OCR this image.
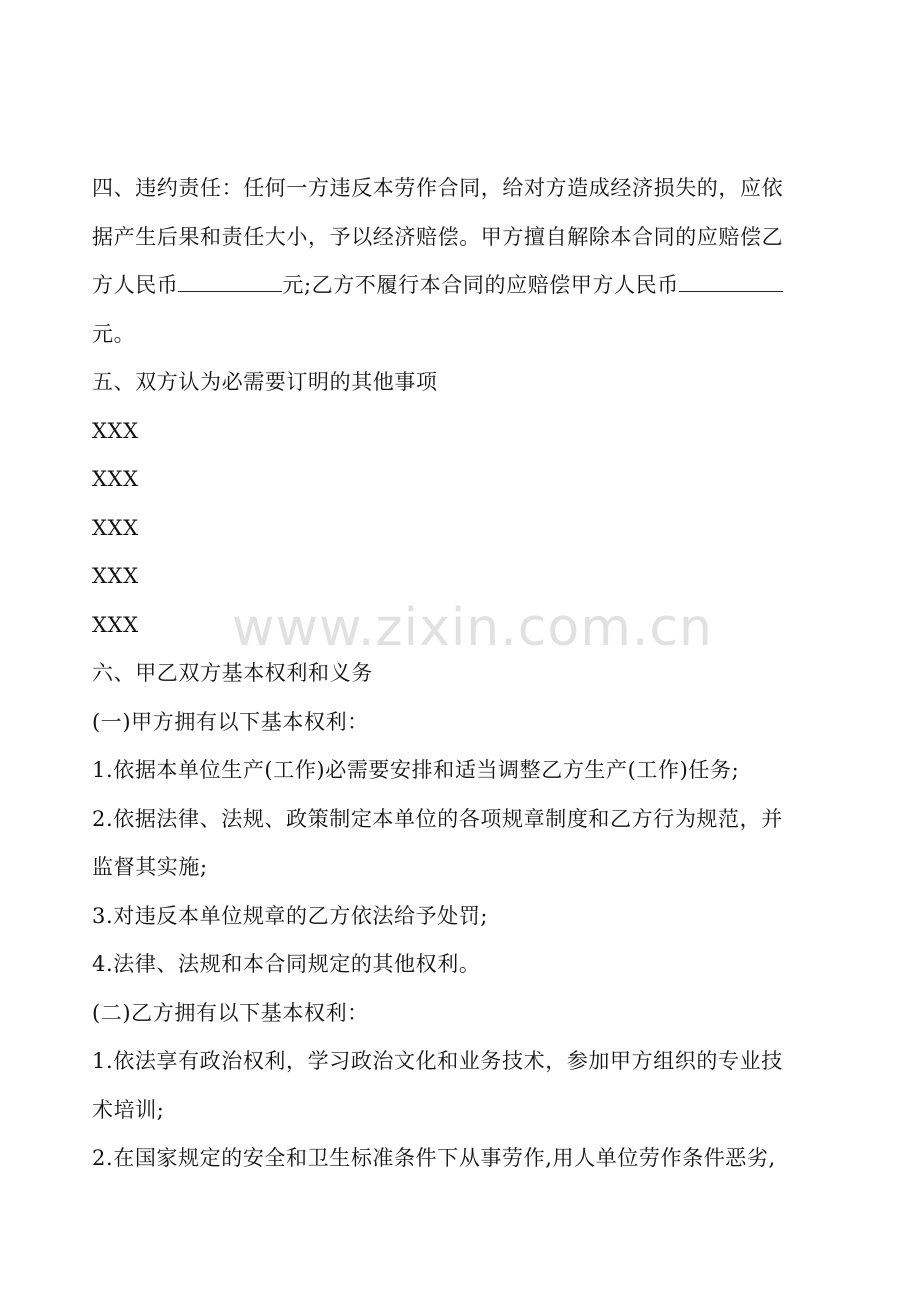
四、违约责任：任何一方违反本劳作合同，给对方造成经济损失的，应依

据产生后果和责任大小，予以经济赔偿。甲方擅自解除本合同的应赔偿乙

方人民币	元;乙方不履行本合同的应赔偿甲方人民币

元。

五、双方认为必需要订明的其他事项

XXX

XXX

XXX

XXX

XXX

六、甲乙双方基本权利和义务

(一)甲方拥有以下基本权利：

1.依据本单位生产(工作)必需要安排和适当调整乙方生产(工作)任务;

2.依据法律、法规、政策制定本单位的各项规章制度和乙方行为规范，并

监督其实施;

3.对违反本单位规章的乙方依法给予处罚;

4.法律、法规和本合同规定的其他权利。

(二)乙方拥有以下基本权利：

1.依法享有政治权利，学习政治文化和业务技术，参加甲方组织的专业技

术培训;

2.在国家规定的安全和卫生标准条件下从事劳作,用人单位劳作条件恶劣,

www.zixin.com.cn
